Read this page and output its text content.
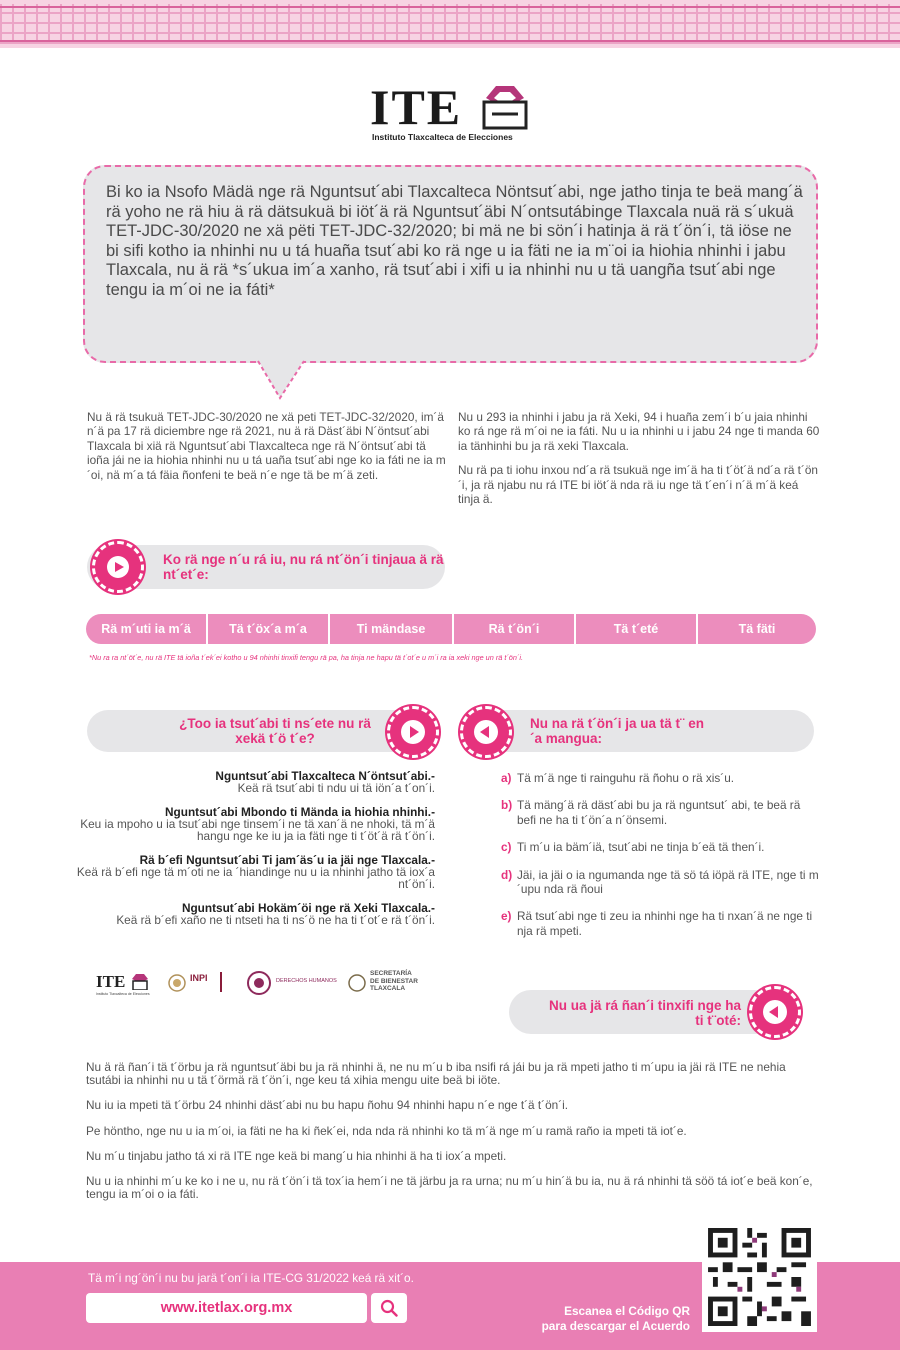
ITE
Instituto Tlaxcalteca de Elecciones
Bi ko ia Nsofo Mädä nge rä Nguntsut´abi Tlaxcalteca Nöntsut´abi, nge jatho tinja te beä mang´ä rä yoho ne rä hiu ä rä dätsukuä bi iöt´ä rä Nguntsut´äbi N´ontsutábinge Tlaxcala nuä rä s´ukuä TET-JDC-30/2020 ne xä pëti TET-JDC-32/2020; bi mä ne bi sön´i hatinja ä rä t´ön´i, tä iöse ne bi sifi kotho ia nhinhi nu u tá huaña tsut´abi ko rä nge u ia fäti ne ia m¨oi ia hiohia nhinhi i jabu Tlaxcala, nu ä rä *s´ukua im´a xanho, rä tsut´abi i xifi u ia nhinhi nu u tä uangña tsut´abi nge tengu ia m´oi ne ia fáti*

Nu ä rä tsukuä TET-JDC-30/2020 ne xä peti TET-JDC-32/2020, im´ä n´ä pa 17 rä diciembre nge rä 2021, nu ä rä Däst´äbi N´öntsut´abi Tlaxcala bi xiä rä Nguntsut´abi Tlaxcalteca nge rä N´öntsut´abi tä ioña jái ne ia hiohia nhinhi nu u tá uaña tsut´abi nge ko ia fáti ne ia m´oi, nä m´a tá fäia ñonfeni te beä n´e nge tä be m´ä zeti.

Nu u 293 ia nhinhi i jabu ja rä Xeki, 94 i huaña zem´i b´u jaia nhinhi ko rá nge rä m´oi ne ia fáti. Nu u ia nhinhi u i jabu 24 nge ti manda 60 ia tänhinhi bu ja rä xeki Tlaxcala.

Nu rä pa ti iohu inxou nd´a rä tsukuä nge im´ä ha ti t´öt´ä nd´a rä t´ön´i, ja rä njabu nu rá ITE bi iöt´ä nda rä iu nge tä t´en´i n´ä m´ä keá tinja ä.

Ko rä nge n´u rá iu, nu rá nt´ön´i tinjaua ä rä nt´et´e:
Rä m´uti ia m´ä	Tä t´öx´a m´a	Ti mändase	Rä t´ön´i	Tä t´eté	Tä fäti
*Nu ra ra nt´öt´e, nu rä ITE tä ioña t´ek´ei kotho u 94 nhinhi tinxifi tengu rä pa, ha tinja ne hapu tä t´ot´e u m´i ra ia xeki nge un rä t´ön´i.
¿Too ia tsut´abi ti ns´ete nu rä xekä t´ö t´e?
Nu na rä t´ön´i ja ua tä t¨ en´a mangua:
Nguntsut´abi Tlaxcalteca N´öntsut´abi.-
Keä rä tsut´abi ti ndu ui tä iön´a t´on´i.
Nguntsut´abi Mbondo ti Mända ia hiohia nhinhi.-
Keu ia mpoho u ia tsut´abi nge tinsem´i ne tä xan´ä ne nhoki, tä m´ä hangu nge ke iu ja ia fäti nge ti t´öt´ä rä t´ön´i.
Rä b´efi Nguntsut´abi Ti jam´äs´u ia jäi nge Tlaxcala.-
Keä rä b´efi nge tä m´oti ne ia ´hiandinge nu u ia nhinhi jatho tä iox´a nt´ön´i.
Nguntsut´abi Hokäm´öi nge rä Xeki Tlaxcala.-
Keä rä b´efi xaño ne ti ntseti ha ti ns´ö ne ha ti t´ot´e rä t´ön´i.
a) Tä m´ä nge ti rainguhu rä ñohu o rä xis´u.
b) Tä mäng´ä rä däst´abi bu ja rä nguntsut´ abi, te beä rä befi ne ha ti t´ön´a n´önsemi.
c) Ti m´u ia bäm´iä, tsut´abi ne tinja b´eä tä then´i.
d) Jäi, ia jäi o ia ngumanda nge tä sö tá iöpä rä ITE, nge ti m´upu nda rä ñoui
e) Rä tsut´abi nge ti zeu ia nhinhi nge ha ti nxan´ä ne nge ti nja rä mpeti.
ITE
Instituto Tlaxcalteca de Elecciones
INPI	DERECHOS HUMANOS
SECRETARÍA
DE BIENESTAR
TLAXCALA
Nu ua jä rá ñan´i tinxifi nge ha ti t¨oté:

Nu ä rä ñan´i tä t´örbu ja rä nguntsut´äbi bu ja rä nhinhi ä, ne nu m´u b iba nsifi rá jái bu ja rä mpeti jatho ti m´upu ia jäi rä ITE ne nehia tsutábi ia nhinhi nu u tä t´örmä rä t´ön´i, nge keu tá xihia mengu uite beä bi iöte.

Nu iu ia mpeti tä t´örbu 24 nhinhi däst´abi nu bu hapu ñohu 94 nhinhi hapu n´e nge t´ä t´ön´i.

Pe höntho, nge nu u ia m´oi, ia fäti ne ha ki ñek´ei, nda nda rä nhinhi ko tä m´ä nge m´u ramä raño ia mpeti tä iot´e.

Nu m´u tinjabu jatho tá xi rä ITE nge keä bi mang´u hia nhinhi ä ha ti iox´a mpeti.

Nu u ia nhinhi m´u ke ko i ne u, nu rä t´ön´i tä tox´ia hem´i ne tä järbu ja ra urna; nu m´u hin´ä bu ia, nu ä rá nhinhi tä söö tá iot´e beä kon´e, tengu ia m´oi o ia fáti.

Tä m´i ng´ön´i nu bu jarä t´on´i ia ITE-CG 31/2022 keá rä xit´o.
www.itetlax.org.mx	Escanea el Código QR
para descargar el Acuerdo
